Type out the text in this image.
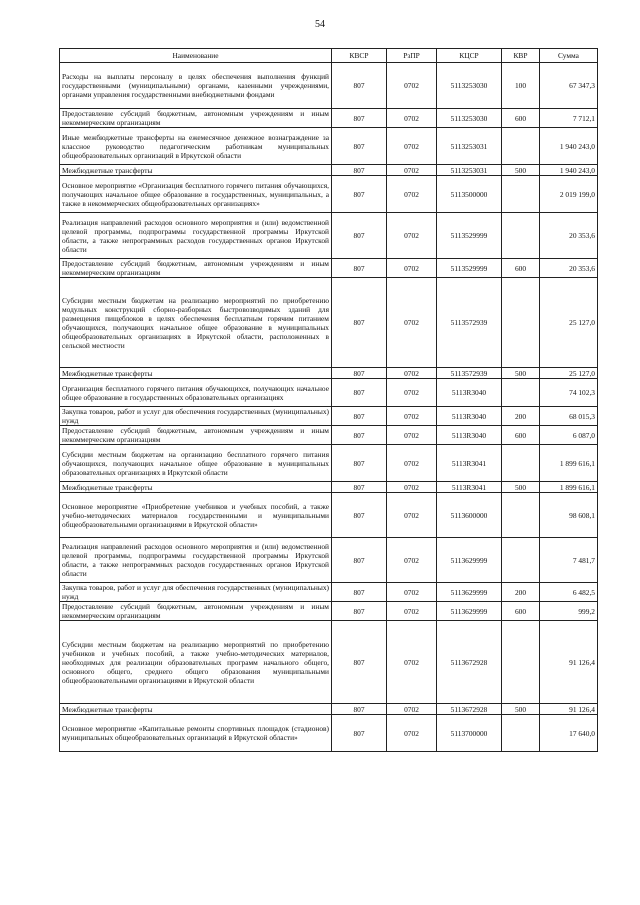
54
Наименование	КВСР	РзПР	КЦСР	КВР	Сумма
Расходы на выплаты персоналу в целях обеспечения выполнения функций государственными (муниципальными) органами, казенными учреждениями, органами управления государственными внебюджетными фондами	807	0702	5113253030	100	67 347,3
Предоставление субсидий бюджетным, автономным учреждениям и иным некоммерческим организациям	807	0702	5113253030	600	7 712,1
Иные межбюджетные трансферты на ежемесячное денежное вознаграждение за классное руководство педагогическим работникам муниципальных общеобразовательных организаций в Иркутской области	807	0702	5113253031		1 940 243,0
Межбюджетные трансферты	807	0702	5113253031	500	1 940 243,0
Основное мероприятие «Организация бесплатного горячего питания обучающихся, получающих начальное общее образование в государственных, муниципальных, а также в некоммерческих общеобразовательных организациях»	807	0702	5113500000		2 019 199,0
Реализация направлений расходов основного мероприятия и (или) ведомственной целевой программы, подпрограммы государственной программы Иркутской области, а также непрограммных расходов государственных органов Иркутской области	807	0702	5113529999		20 353,6
Предоставление субсидий бюджетным, автономным учреждениям и иным некоммерческим организациям	807	0702	5113529999	600	20 353,6
Субсидии местным бюджетам на реализацию мероприятий по приобретению модульных конструкций сборно-разборных быстровозводимых зданий для размещения пищеблоков в целях обеспечения бесплатным горячим питанием обучающихся, получающих начальное общее образование в муниципальных общеобразовательных организациях в Иркутской области, расположенных в сельской местности	807	0702	5113572939		25 127,0
Межбюджетные трансферты	807	0702	5113572939	500	25 127,0
Организация бесплатного горячего питания обучающихся, получающих начальное общее образование в государственных образовательных организациях	807	0702	5113R3040		74 102,3
Закупка товаров, работ и услуг для обеспечения государственных (муниципальных) нужд	807	0702	5113R3040	200	68 015,3
Предоставление субсидий бюджетным, автономным учреждениям и иным некоммерческим организациям	807	0702	5113R3040	600	6 087,0
Субсидии местным бюджетам на организацию бесплатного горячего питания обучающихся, получающих начальное общее образование в муниципальных образовательных организациях в Иркутской области	807	0702	5113R3041		1 899 616,1
Межбюджетные трансферты	807	0702	5113R3041	500	1 899 616,1
Основное мероприятие «Приобретение учебников и учебных пособий, а также учебно-методических материалов государственными и муниципальными общеобразовательными организациями в Иркутской области»	807	0702	5113600000		98 608,1
Реализация направлений расходов основного мероприятия и (или) ведомственной целевой программы, подпрограммы государственной программы Иркутской области, а также непрограммных расходов государственных органов Иркутской области	807	0702	5113629999		7 481,7
Закупка товаров, работ и услуг для обеспечения государственных (муниципальных) нужд	807	0702	5113629999	200	6 482,5
Предоставление субсидий бюджетным, автономным учреждениям и иным некоммерческим организациям	807	0702	5113629999	600	999,2
Субсидии местным бюджетам на реализацию мероприятий по приобретению учебников и учебных пособий, а также учебно-методических материалов, необходимых для реализации образовательных программ начального общего, основного общего, среднего общего образования муниципальными общеобразовательными организациями в Иркутской области	807	0702	5113672928		91 126,4
Межбюджетные трансферты	807	0702	5113672928	500	91 126,4
Основное мероприятие «Капитальные ремонты спортивных площадок (стадионов) муниципальных общеобразовательных организаций в Иркутской области»	807	0702	5113700000		17 640,0
